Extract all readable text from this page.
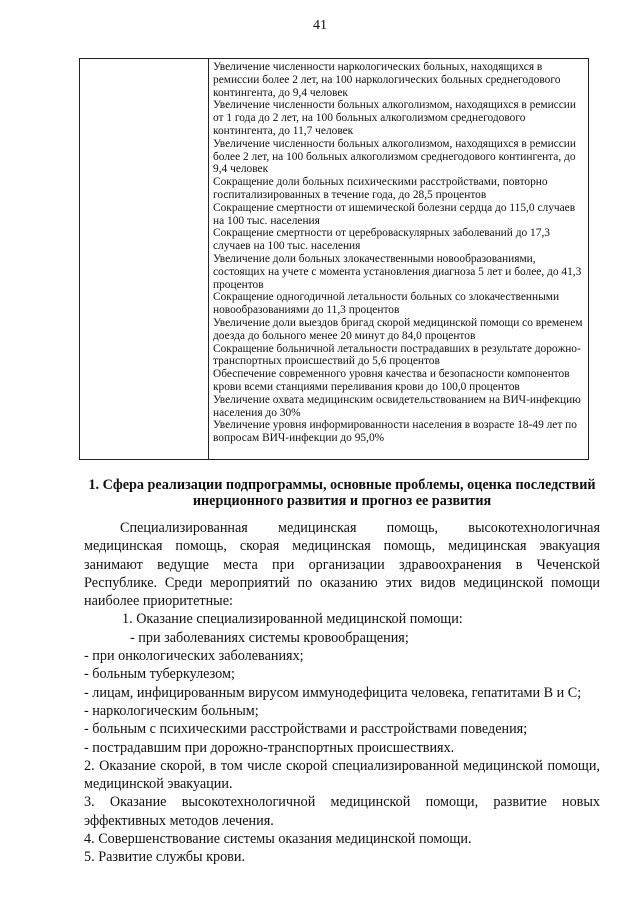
41
Увеличение численности наркологических больных, находящихся в ремиссии более 2 лет, на 100 наркологических больных среднегодового контингента, до 9,4 человек
Увеличение численности больных алкоголизмом, находящихся в ремиссии от 1 года до 2 лет, на 100 больных алкоголизмом среднегодового контингента, до 11,7 человек
Увеличение численности больных алкоголизмом, находящихся в ремиссии более 2 лет, на 100 больных алкоголизмом среднегодового контингента, до 9,4 человек
Сокращение доли больных психическими расстройствами, повторно госпитализированных в течение года, до 28,5 процентов
Сокращение смертности от ишемической болезни сердца до 115,0 случаев на 100 тыс. населения
Сокращение смертности от цереброваскулярных заболеваний до 17,3 случаев на 100 тыс. населения
Увеличение доли больных злокачественными новообразованиями, состоящих на учете с момента установления диагноза 5 лет и более, до 41,3 процентов
Сокращение одногодичной летальности больных со злокачественными новообразованиями до 11,3 процентов
Увеличение доли выездов бригад скорой медицинской помощи со временем доезда до больного менее 20 минут до 84,0 процентов
Сокращение больничной летальности пострадавших в результате дорожно-транспортных происшествий до 5,6 процентов
Обеспечение современного уровня качества и безопасности компонентов крови всеми станциями переливания крови до 100,0 процентов
Увеличение охвата медицинским освидетельствованием на ВИЧ-инфекцию населения до 30%
Увеличение уровня информированности населения в возрасте 18-49 лет по вопросам ВИЧ-инфекции до 95,0%
1. Сфера реализации подпрограммы, основные проблемы, оценка последствий инерционного развития и прогноз ее развития
Специализированная медицинская помощь, высокотехнологичная медицинская помощь, скорая медицинская помощь, медицинская эвакуация занимают ведущие места при организации здравоохранения в Чеченской Республике. Среди мероприятий по оказанию этих видов медицинской помощи наиболее приоритетные:
1. Оказание специализированной медицинской помощи:
- при заболеваниях системы кровообращения;
- при онкологических заболеваниях;
- больным туберкулезом;
- лицам, инфицированным вирусом иммунодефицита человека, гепатитами В и С;
- наркологическим больным;
- больным с психическими расстройствами и расстройствами поведения;
- пострадавшим при дорожно-транспортных происшествиях.
2. Оказание скорой, в том числе скорой специализированной медицинской помощи, медицинской эвакуации.
3. Оказание высокотехнологичной медицинской помощи, развитие новых эффективных методов лечения.
4. Совершенствование системы оказания медицинской помощи.
5. Развитие службы крови.
